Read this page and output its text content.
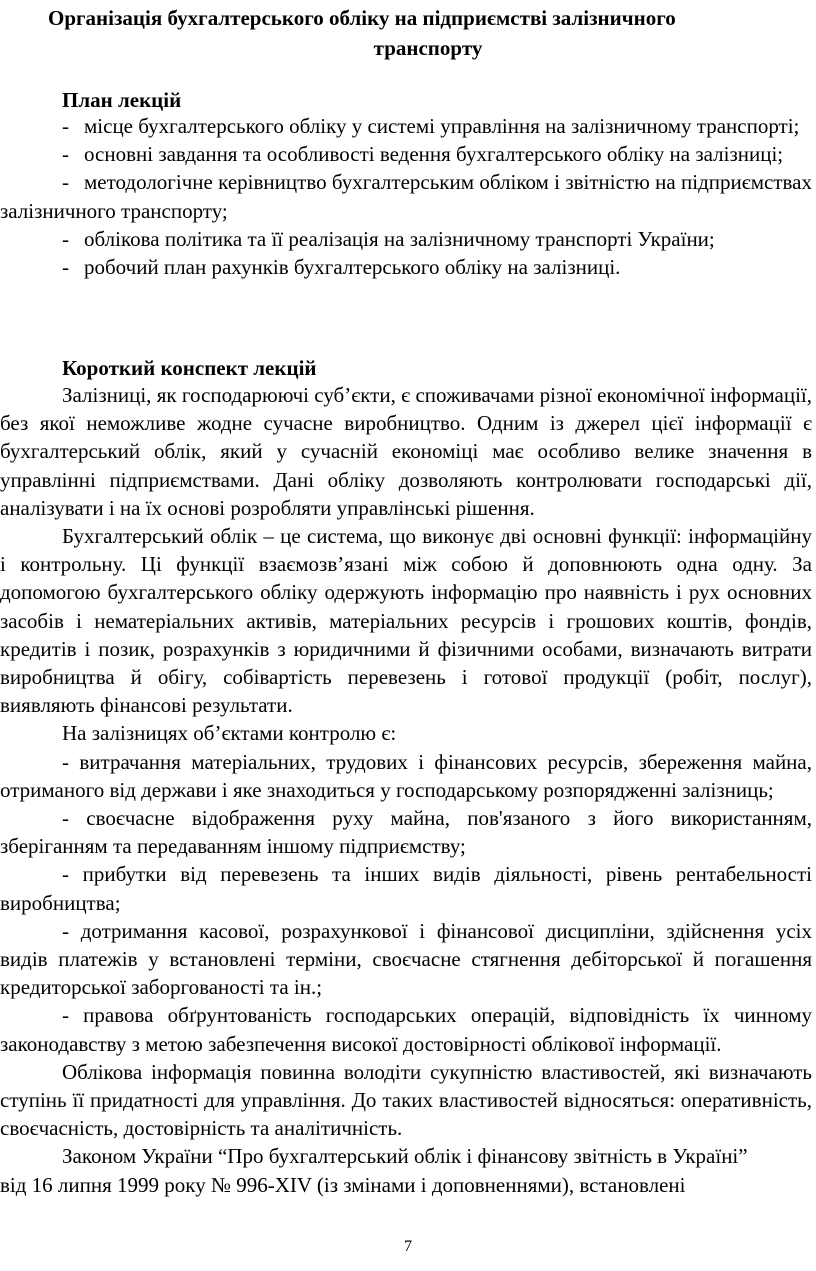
Організація бухгалтерського обліку на підприємстві залізничного
транспорту
План лекцій

- місце бухгалтерського обліку у системі управління на залізничному транспорті;

- основні завдання та особливості ведення бухгалтерського обліку на залізниці;

- методологічне керівництво бухгалтерським обліком і звітністю на підприємствах залізничного транспорту;

- облікова політика та її реалізація на залізничному транспорті України;

- робочий план рахунків бухгалтерського обліку на залізниці.

Короткий конспект лекцій

Залізниці, як господарюючі суб’єкти, є споживачами різної економічної інформації, без якої неможливе жодне сучасне виробництво. Одним із джерел цієї інформації є бухгалтерський облік, який у сучасній економіці має особливо велике значення в управлінні підприємствами. Дані обліку дозволяють контролювати господарські дії, аналізувати і на їх основі розробляти управлінські рішення.

Бухгалтерський облік – це система, що виконує дві основні функції: інформаційну і контрольну. Ці функції взаємозв’язані між собою й доповнюють одна одну. За допомогою бухгалтерського обліку одержують інформацію про наявність і рух основних засобів і нематеріальних активів, матеріальних ресурсів і грошових коштів, фондів, кредитів і позик, розрахунків з юридичними й фізичними особами, визначають витрати виробництва й обігу, собівартість перевезень і готової продукції (робіт, послуг), виявляють фінансові результати.

На залізницях об’єктами контролю є:

- витрачання матеріальних, трудових і фінансових ресурсів, збереження майна, отриманого від держави і яке знаходиться у господарському розпорядженні залізниць;

- своєчасне відображення руху майна, пов'язаного з його використанням, зберіганням та передаванням іншому підприємству;

- прибутки від перевезень та інших видів діяльності, рівень рентабельності виробництва;

- дотримання касової, розрахункової і фінансової дисципліни, здійснення усіх видів платежів у встановлені терміни, своєчасне стягнення дебіторської й погашення кредиторської заборгованості та ін.;

- правова обґрунтованість господарських операцій, відповідність їх чинному законодавству з метою забезпечення високої достовірності облікової інформації.

Облікова інформація повинна володіти сукупністю властивостей, які визначають ступінь її придатності для управління. До таких властивостей відносяться: оперативність, своєчасність, достовірність та аналітичність.

Законом України “Про бухгалтерський облік і фінансову звітність в Україні”

від 16 липня 1999 року № 996-XIV (із змінами і доповненнями), встановлені

7
